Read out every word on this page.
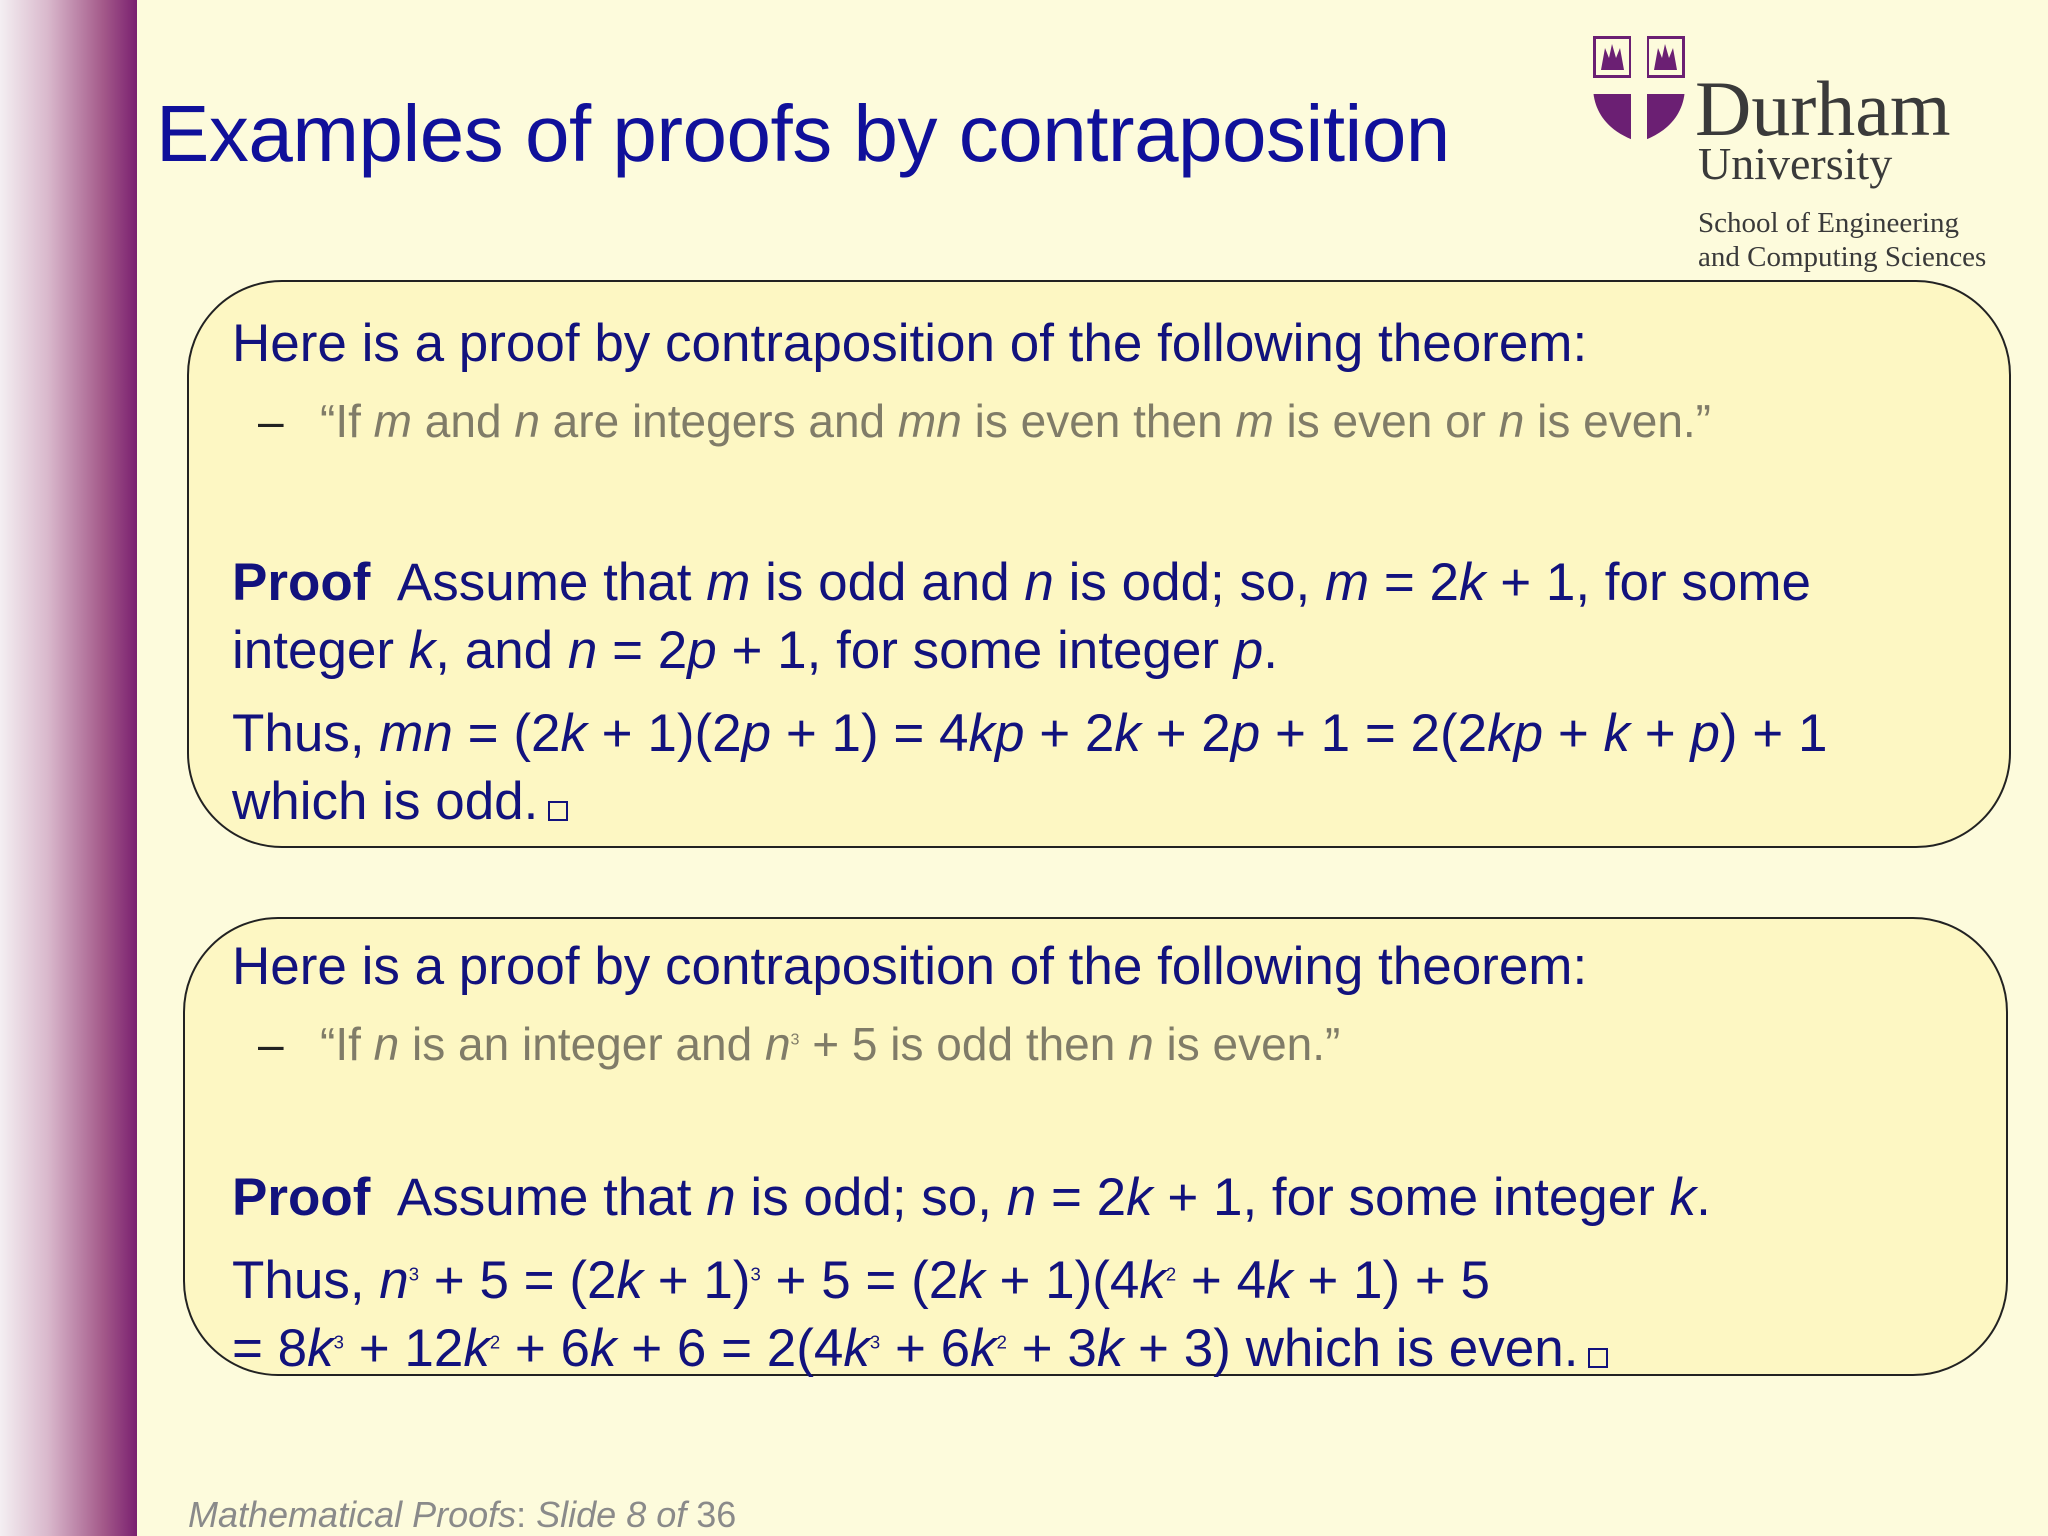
Examples of proofs by contraposition	Durham
University
School of Engineering
and Computing Sciences
Here is a proof by contraposition of the following theorem:
– “If m and n are integers and mn is even then m is even or n is even.”
Proof  Assume that m is odd and n is odd; so, m = 2k + 1, for some
integer k, and n = 2p + 1, for some integer p.
Thus, mn = (2k + 1)(2p + 1) = 4kp + 2k + 2p + 1 = 2(2kp + k + p) + 1
which is odd.
Here is a proof by contraposition of the following theorem:
– “If n is an integer and $n^3 + 5$ is odd then n is even.”
Proof  Assume that n is odd; so, n = 2k + 1, for some integer k.
Thus, $n^3 + 5 = (2k + 1)^3 + 5 = (2k + 1)(4k^2 + 4k + 1) + 5$
= $8k^3 + 12k^2 + 6k + 6 = 2(4k^3 + 6k^2 + 3k + 3)$ which is even.
Mathematical Proofs: Slide 8 of 36
